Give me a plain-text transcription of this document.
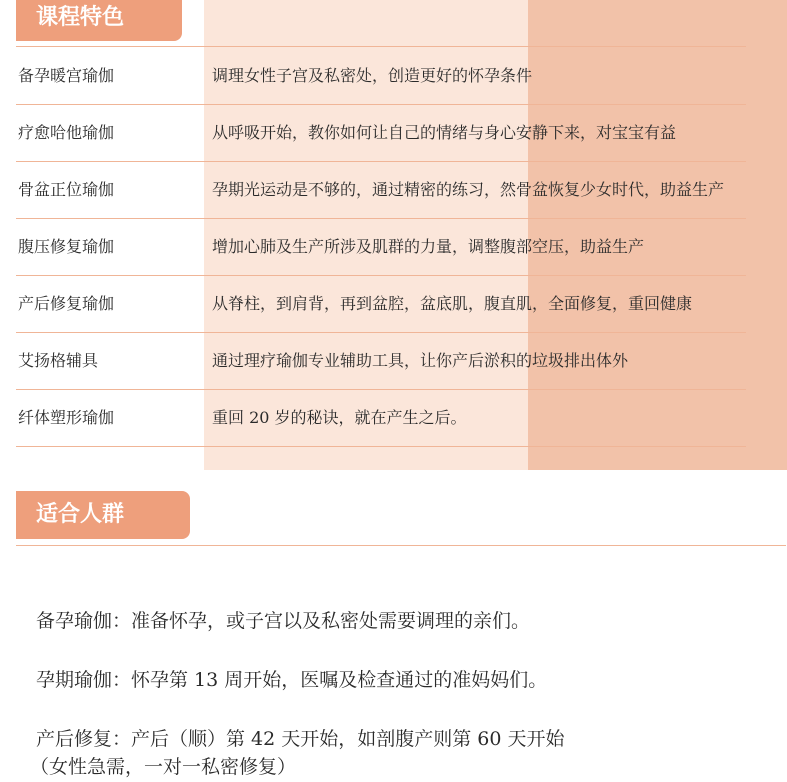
课程特色
备孕暖宫瑜伽	调理女性子宫及私密处，创造更好的怀孕条件
疗愈哈他瑜伽	从呼吸开始，教你如何让自己的情绪与身心安静下来，对宝宝有益
骨盆正位瑜伽	孕期光运动是不够的，通过精密的练习，然骨盆恢复少女时代，助益生产
腹压修复瑜伽	增加心肺及生产所涉及肌群的力量，调整腹部空压，助益生产
产后修复瑜伽	从脊柱，到肩背，再到盆腔，盆底肌，腹直肌，全面修复，重回健康
艾扬格辅具	通过理疗瑜伽专业辅助工具，让你产后淤积的垃圾排出体外
纤体塑形瑜伽	重回 20 岁的秘诀，就在产生之后。
适合人群
备孕瑜伽：准备怀孕，或子宫以及私密处需要调理的亲们。
孕期瑜伽：怀孕第 13 周开始，医嘱及检查通过的准妈妈们。
产后修复：产后（顺）第 42 天开始，如剖腹产则第 60 天开始
（女性急需，一对一私密修复）
